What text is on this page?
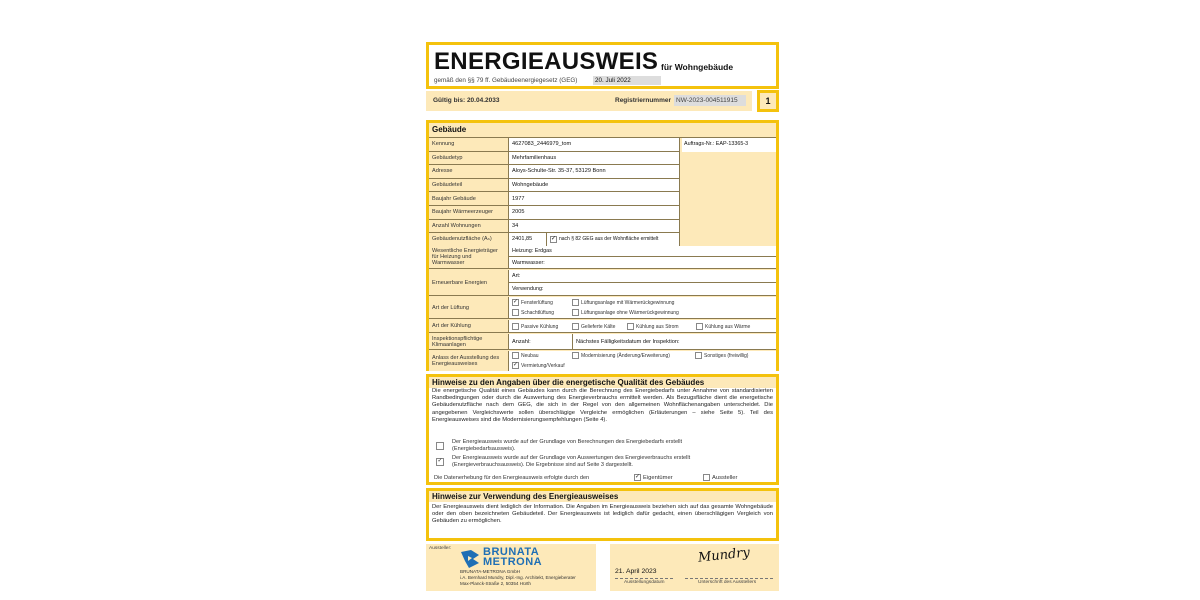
ENERGIEAUSWEIS für Wohngebäude
gemäß den §§ 79 ff. Gebäudeenergiegesetz (GEG)	20. Juli 2022
Gültig bis: 20.04.2033	Registriernummer NW-2023-004511915	1
Gebäude
Auftrags-Nr.: EAP-13365-3
Kennung	4627083_2446979_tom
Gebäudetyp	Mehrfamilienhaus
Adresse	Aloys-Schulte-Str. 35-37, 53129 Bonn
Gebäudeteil	Wohngebäude
Baujahr Gebäude	1977
Baujahr Wärmeerzeuger	2005
Anzahl Wohnungen	34
Gebäudenutzfläche (Aₙ)	2401,85	✓ nach § 82 GEG aus der Wohnfläche ermittelt
Wesentliche Energieträger für Heizung und Warmwasser
Heizung: Erdgas
Warmwasser:
Erneuerbare Energien
Art:
Verwendung:
Art der Lüftung
✓ Fensterlüftung	Lüftungsanlage mit Wärmerückgewinnung
Schachtlüftung	Lüftungsanlage ohne Wärmerückgewinnung
Art der Kühlung	Passive Kühlung	Gelieferte Kälte	Kühlung aus Strom	Kühlung aus Wärme
Inspektionspflichtige Klimaanlagen	Anzahl:	Nächstes Fälligkeitsdatum der Inspektion:
Anlass der Ausstellung des Energieausweises
Neubau	Modernisierung (Änderung/Erweiterung)	Sonstiges (freiwillig)
✓ Vermietung/Verkauf
Hinweise zu den Angaben über die energetische Qualität des Gebäudes

Die energetische Qualität eines Gebäudes kann durch die Berechnung des Energiebedarfs unter Annahme von standardisierten Randbedingungen oder durch die Auswertung des Energieverbrauchs ermittelt werden. Als Bezugsfläche dient die energetische Gebäudenutzfläche nach dem GEG, die sich in der Regel von den allgemeinen Wohnflächenangaben unterscheidet. Die angegebenen Vergleichswerte sollen überschlägige Vergleiche ermöglichen (Erläuterungen – siehe Seite 5). Teil des Energieausweises sind die Modernisierungsempfehlungen (Seite 4).

Der Energieausweis wurde auf der Grundlage von Berechnungen des Energiebedarfs erstellt (Energiebedarfsausweis).
✓ Der Energieausweis wurde auf der Grundlage von Auswertungen des Energieverbrauchs erstellt (Energieverbrauchsausweis). Die Ergebnisse sind auf Seite 3 dargestellt.
Die Datenerhebung für den Energieausweis erfolgte durch den	✓ Eigentümer	Aussteller
Hinweise zur Verwendung des Energieausweises

Der Energieausweis dient lediglich der Information. Die Angaben im Energieausweis beziehen sich auf das gesamte Wohngebäude oder den oben bezeichneten Gebäudeteil. Der Energieausweis ist lediglich dafür gedacht, einen überschlägigen Vergleich von Gebäuden zu ermöglichen.

Aussteller:	BRUNATA
METRONA
BRUNATA-METRONA GmbH
i.A. Bernhard Mundry, Dipl.-Ing. Architekt, Energieberater
Max-Planck-Straße 2, 50354 Hürth
21. April 2023
Mundry
Ausstellungsdatum	Unterschrift des Ausstellers
